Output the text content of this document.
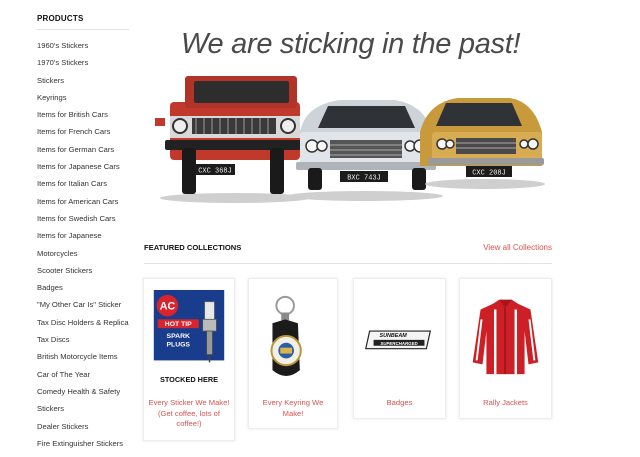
PRODUCTS
1960's Stickers
1970's Stickers
Stickers
Keyrings
Items for British Cars
Items for French Cars
Items for German Cars
Items for Japanese Cars
Items for Italian Cars
Items for American Cars
Items for Swedish Cars
Items for Japanese Motorcycles
Scooter Stickers
Badges
"My Other Car Is" Sticker
Tax Disc Holders & Replica Tax Discs
British Motorcycle Items
Car of The Year
Comedy Health & Safety Stickers
Dealer Stickers
Fire Extinguisher Stickers
We are sticking in the past!
CXC 368J
BXC 743J
CXC 208J
FEATURED COLLECTIONS	View all Collections
AC
HOT TIP
SPARK
PLUGS
STOCKED HERE
Every Sticker We Make! (Get coffee, lots of coffee!)
Every Keyring We Make!
SUNBEAM
SUPERCHARGED
Badges	Rally Jackets
